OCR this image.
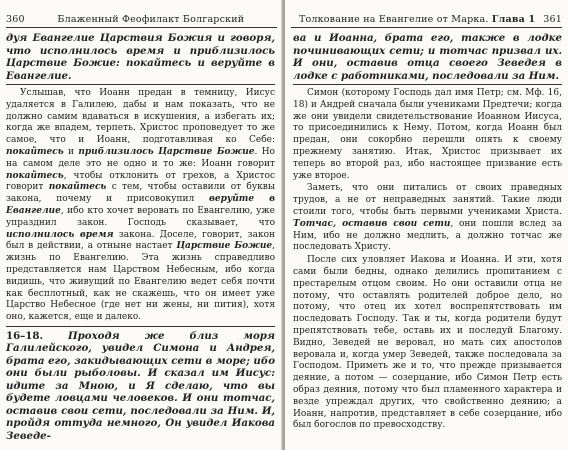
360	Блаженный Феофилакт Болгарский

дуя Евангелие Царствия Божия и говоря, что исполнилось время и приблизилось Царствие Божие: покайтесь и веруйте в Евангелие.

Услышав, что Иоанн предан в темницу, Иисус удаляется в Галилею, дабы и нам показать, что не должно самим вдаваться в искушения, а избегать их; когда же впадем, терпеть. Христос проповедует то же самое, что и Иоанн, подготавливая ко Себе: покайтесь и приблизилось Царствие Божие. Но на самом деле это не одно и то же: Иоанн говорит покайтесь, чтобы отклонить от грехов, а Христос говорит покайтесь с тем, чтобы оставили от буквы закона, почему и присовокупил веруйте в Евангелие, ибо кто хочет веровать по Евангелию, уже упразднил закон. Господь сказывает, что исполнилось время закона. Доселе, говорит, закон был в действии, а отныне настает Царствие Божие, жизнь по Евангелию. Эта жизнь справедливо представляется нам Царством Небесным, ибо когда видишь, что живущий по Евангелию ведет себя почти как бесплотный, как не скажешь, что он имеет уже Царство Небесное (где нет ни жены, ни пития), хотя оно, кажется, еще и далеко.

16–18. Проходя же близ моря Галилейского, увидел Симона и Андрея, брата его, закидывающих сети в море; ибо они были рыболовы. И сказал им Иисус: идите за Мною, и Я сделаю, что вы будете ловцами человеков. И они тотчас, оставив свои сети, последовали за Ним. И, пройдя оттуда немного, Он увидел Иакова Зеведе-

Толкование на Евангелие от Марка. Глава 1 361

ва и Иоанна, брата его, также в лодке починивающих сети; и тотчас призвал их. И они, оставив отца своего Зеведея в лодке с работниками, последовали за Ним.

Симон (которому Господь дал имя Петр; см. Мф. 16, 18) и Андрей сначала были учениками Предтечи; когда же они увидели свидетельствование Иоанном Иисуса, то присоединились к Нему. Потом, когда Иоанн был предан, они сокорбно перешли опять к своему прежнему занятию. Итак, Христос призывает их теперь во второй раз, ибо настоящее призвание есть уже второе.

Заметь, что они питались от своих праведных трудов, а не от неправедных занятий. Такие люди стоили того, чтобы быть первыми учениками Христа. Тотчас, оставив свои сети, они пошли вслед за Ним, ибо не должно медлить, а должно тотчас же последовать Христу.

После сих уловляет Иакова и Иоанна. И эти, хотя сами были бедны, однако делились пропитанием с престарелым отцом своим. Но они оставили отца не потому, что оставлять родителей доброе дело, но потому, что отец их хотел воспрепятствовать им последовать Господу. Так и ты, когда родители будут препятствовать тебе, оставь их и последуй Благому. Видно, Зеведей не веровал, но мать сих апостолов веровала и, когда умер Зеведей, также последовала за Господом. Приметь же и то, что прежде призывается деяние, а потом — созерцание, ибо Симон Петр есть образ деяния, потому что был пламенного характера и везде упреждал других, что свойственно деянию; а Иоанн, напротив, представляет в себе созерцание, ибо был богослов по превосходству.
